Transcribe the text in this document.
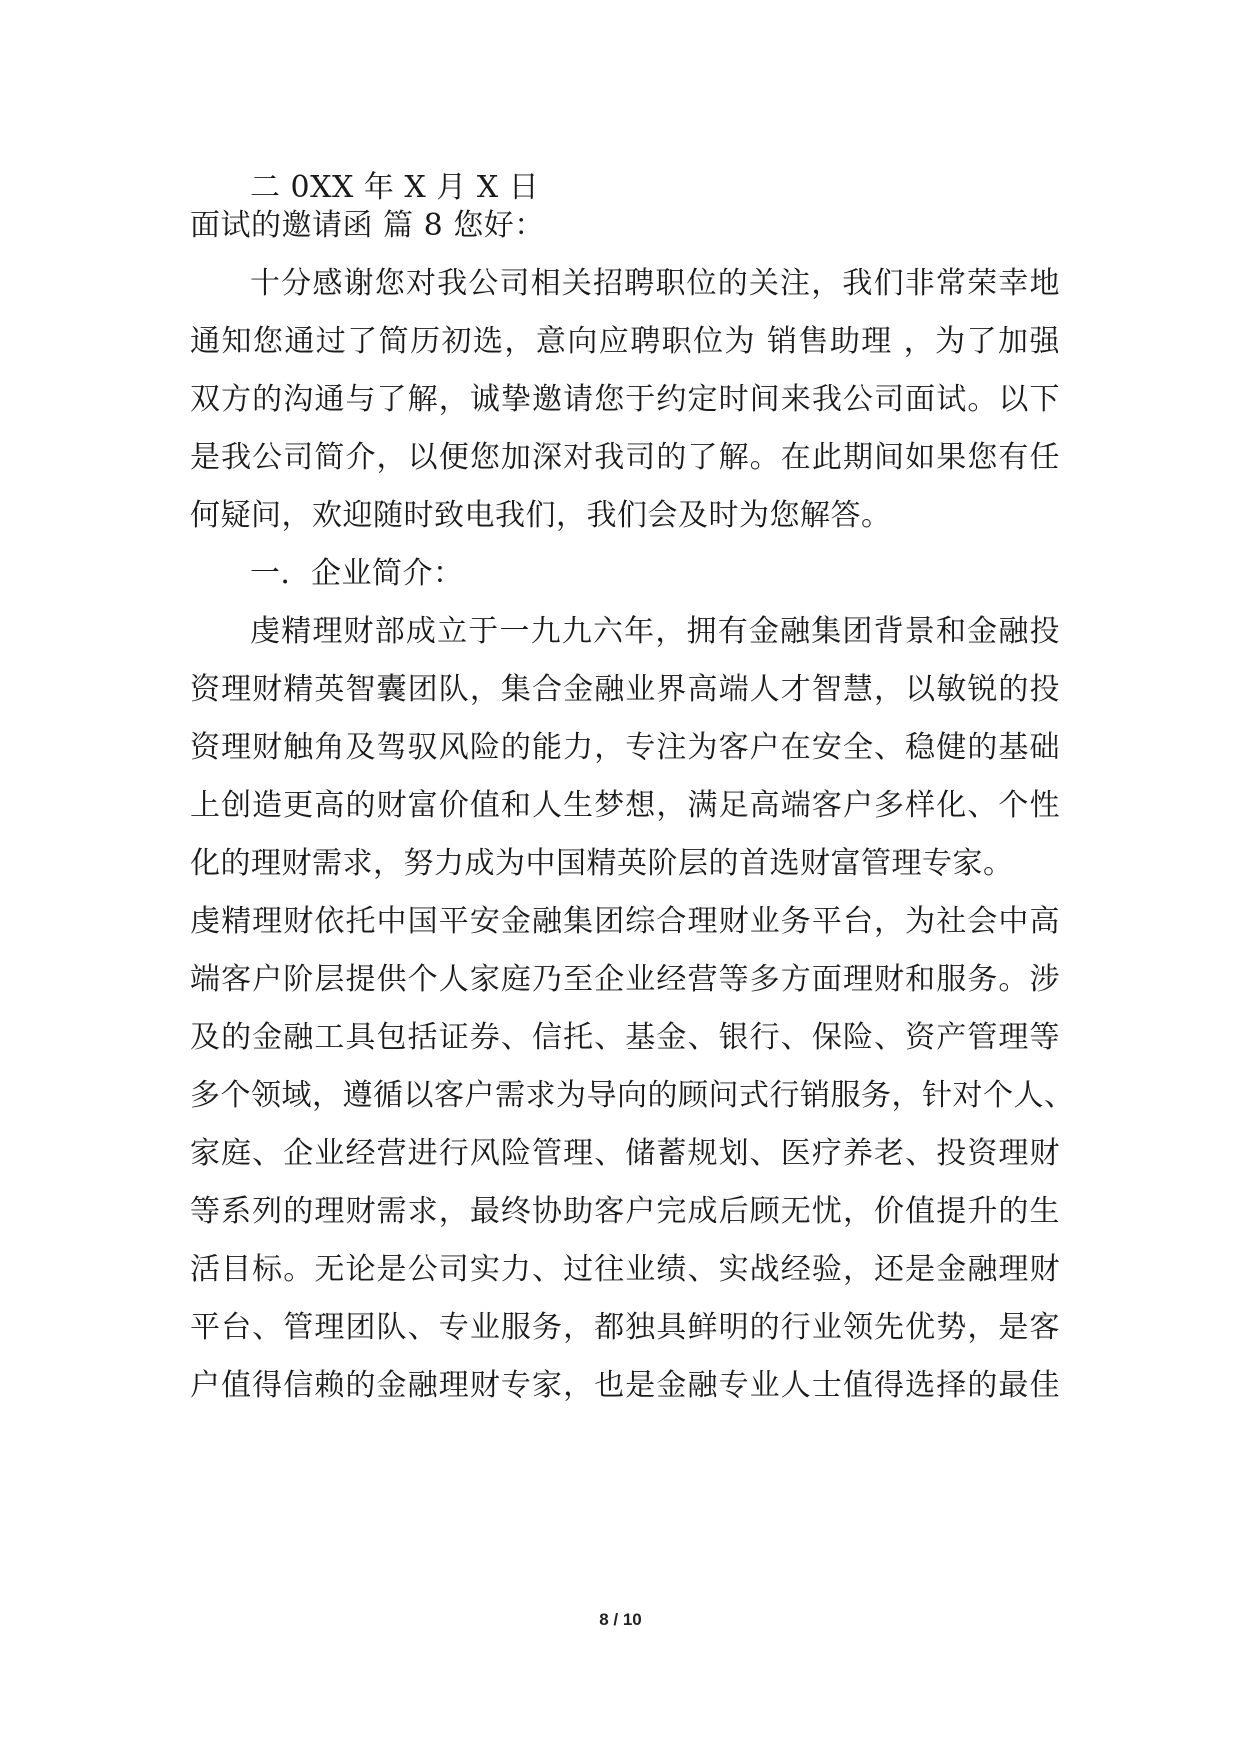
二 0XX 年 X 月 X 日
面试的邀请函 篇 8 您好：
十分感谢您对我公司相关招聘职位的关注，我们非常荣幸地
通知您通过了简历初选，意向应聘职位为 销售助理 ，为了加强
双方的沟通与了解，诚挚邀请您于约定时间来我公司面试。以下
是我公司简介，以便您加深对我司的了解。在此期间如果您有任
何疑问，欢迎随时致电我们，我们会及时为您解答。
一．企业简介：
虔精理财部成立于一九九六年，拥有金融集团背景和金融投
资理财精英智囊团队，集合金融业界高端人才智慧，以敏锐的投
资理财触角及驾驭风险的能力，专注为客户在安全、稳健的基础
上创造更高的财富价值和人生梦想，满足高端客户多样化、个性
化的理财需求，努力成为中国精英阶层的首选财富管理专家。
虔精理财依托中国平安金融集团综合理财业务平台，为社会中高
端客户阶层提供个人家庭乃至企业经营等多方面理财和服务。涉
及的金融工具包括证券、信托、基金、银行、保险、资产管理等
多个领域，遵循以客户需求为导向的顾问式行销服务，针对个人、
家庭、企业经营进行风险管理、储蓄规划、医疗养老、投资理财
等系列的理财需求，最终协助客户完成后顾无忧，价值提升的生
活目标。无论是公司实力、过往业绩、实战经验，还是金融理财
平台、管理团队、专业服务，都独具鲜明的行业领先优势，是客
户值得信赖的金融理财专家，也是金融专业人士值得选择的最佳
8 / 10
